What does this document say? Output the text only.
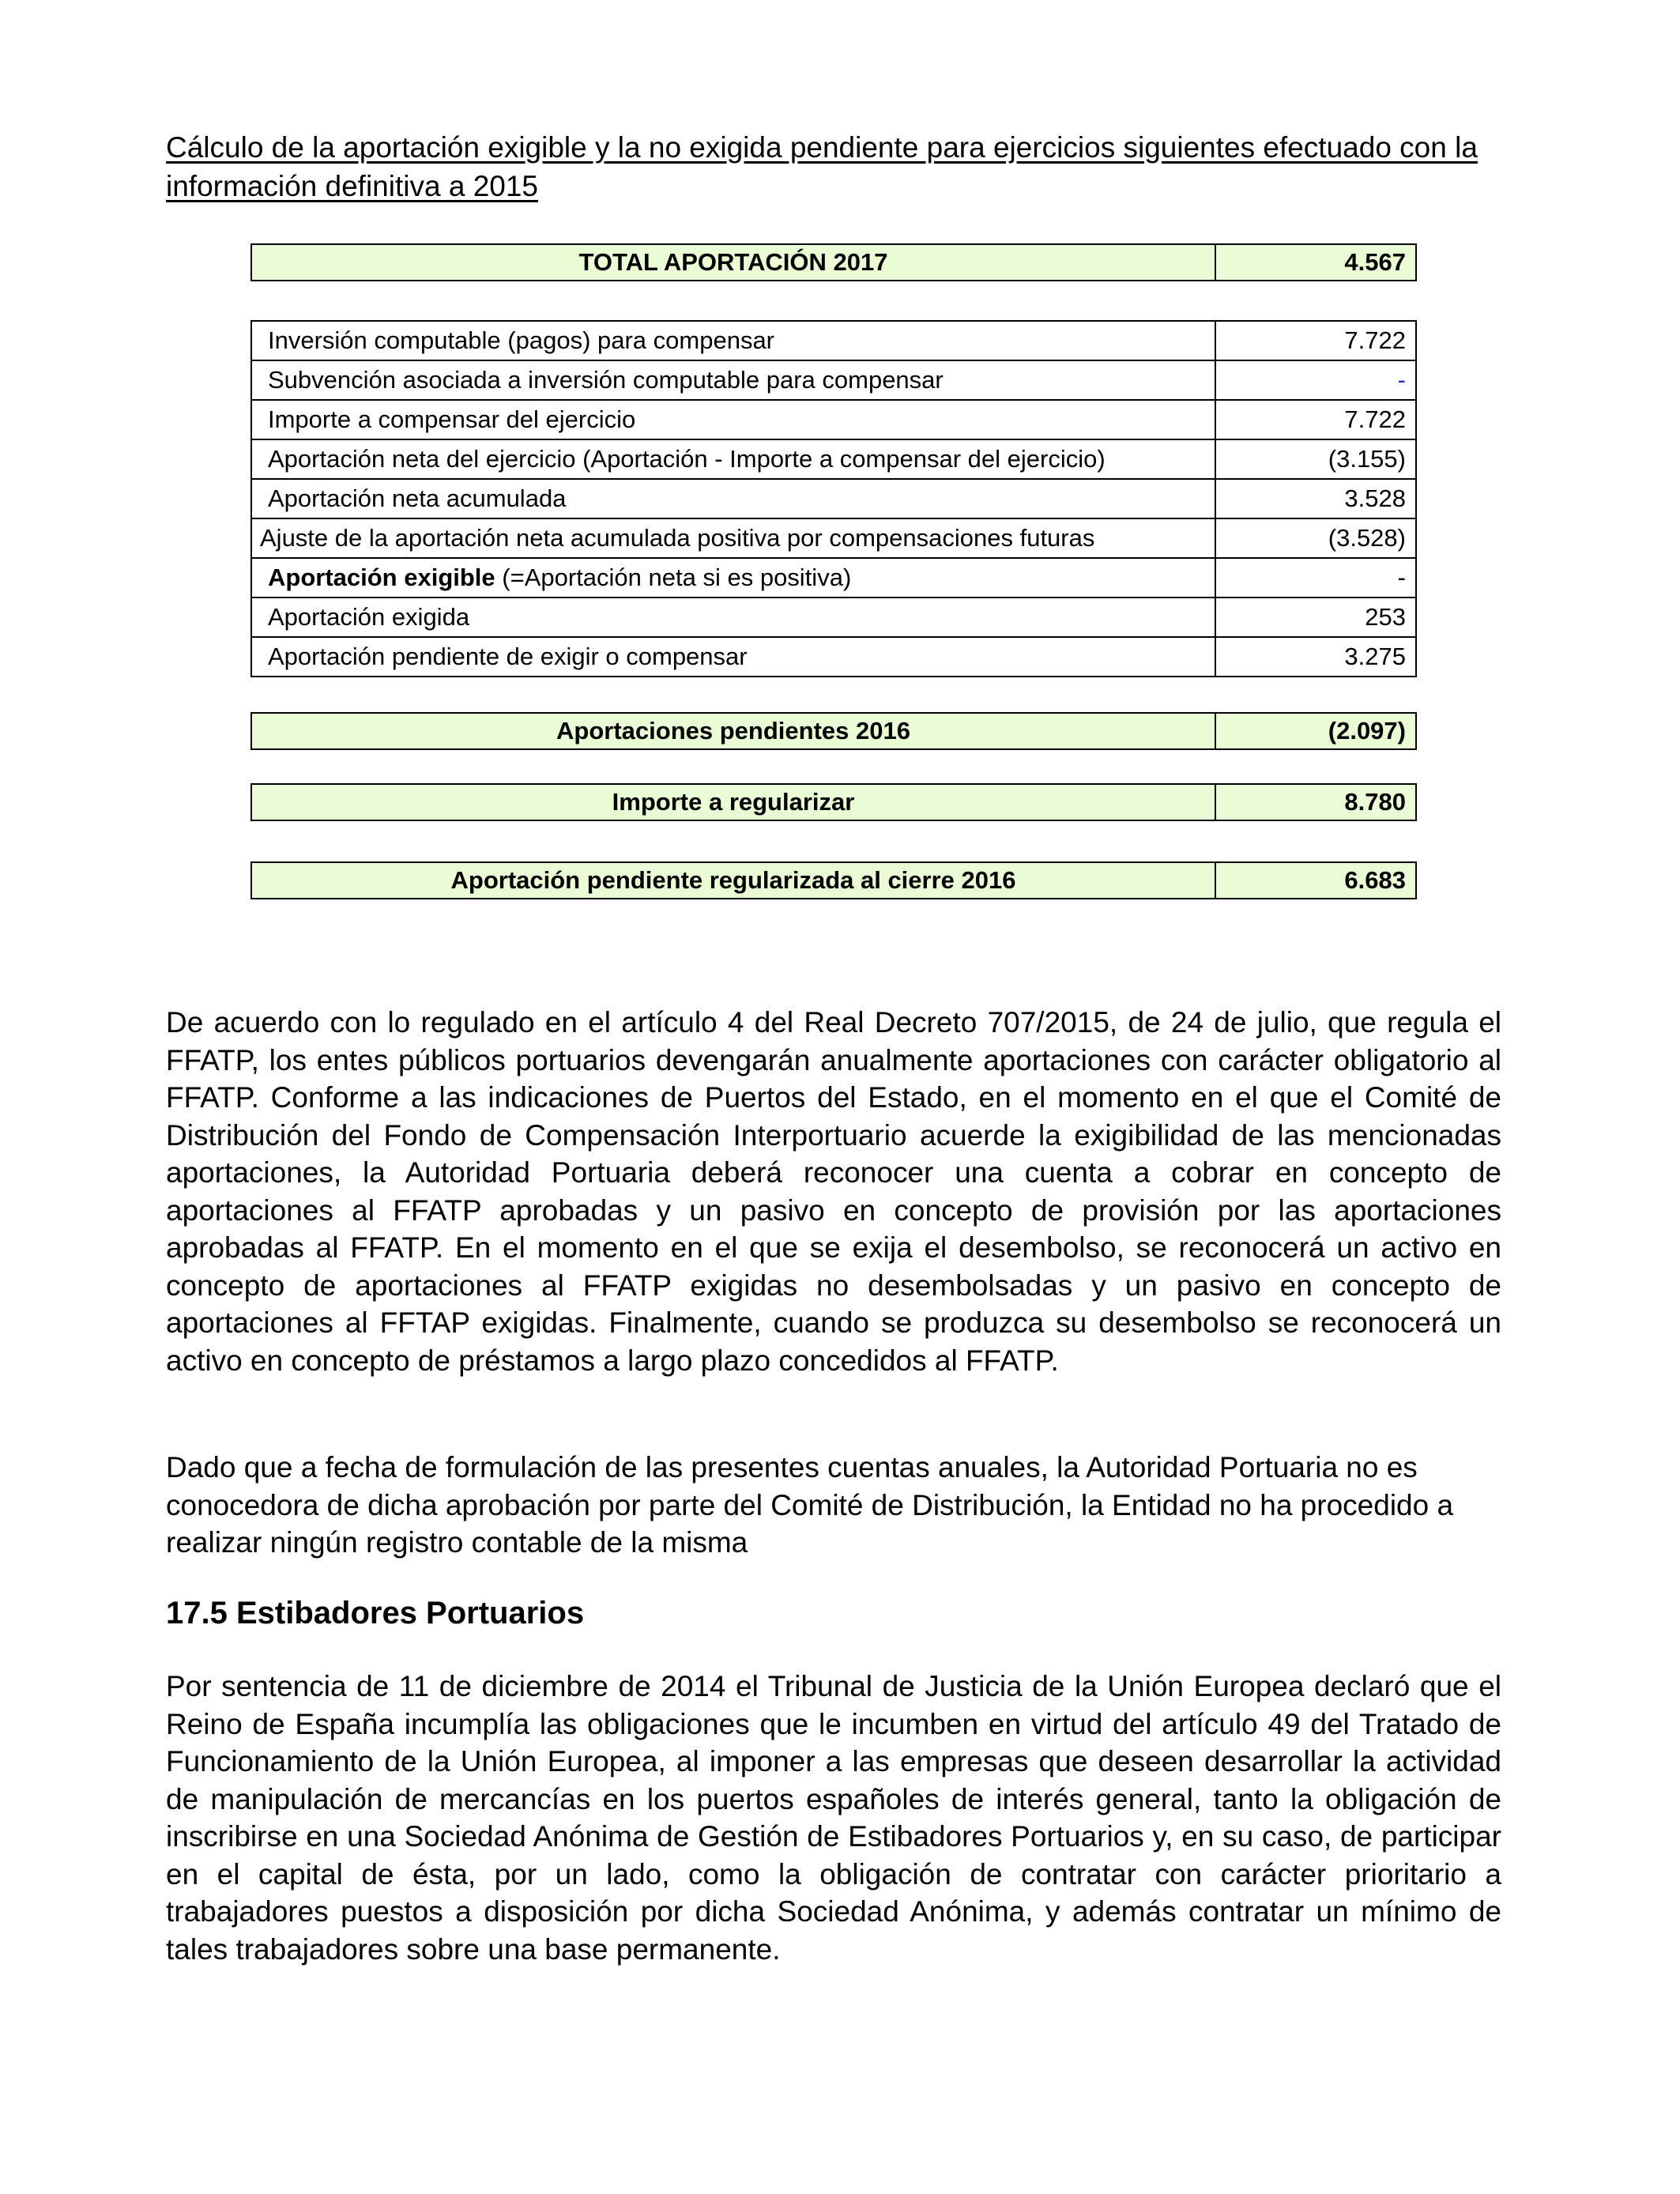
Cálculo de la aportación exigible y la no exigida pendiente para ejercicios siguientes efectuado con la información definitiva a 2015
TOTAL APORTACIÓN 2017	4.567
Inversión computable (pagos) para compensar	7.722
Subvención asociada a inversión computable para compensar	-
Importe a compensar del ejercicio	7.722
Aportación neta del ejercicio (Aportación - Importe a compensar del ejercicio)	(3.155)
Aportación neta acumulada	3.528
Ajuste de la aportación neta acumulada positiva por compensaciones futuras	(3.528)
Aportación exigible (=Aportación neta si es positiva)	-
Aportación exigida	253
Aportación pendiente de exigir o compensar	3.275
Aportaciones pendientes 2016	(2.097)
Importe a regularizar	8.780
Aportación pendiente regularizada al cierre 2016	6.683
De acuerdo con lo regulado en el artículo 4 del Real Decreto 707/2015, de 24 de julio, que regula el FFATP, los entes públicos portuarios devengarán anualmente aportaciones con carácter obligatorio al FFATP. Conforme a las indicaciones de Puertos del Estado, en el momento en el que el Comité de Distribución del Fondo de Compensación Interportuario acuerde la exigibilidad de las mencionadas aportaciones, la Autoridad Portuaria deberá reconocer una cuenta a cobrar en concepto de aportaciones al FFATP aprobadas y un pasivo en concepto de provisión por las aportaciones aprobadas al FFATP. En el momento en el que se exija el desembolso, se reconocerá un activo en concepto de aportaciones al FFATP exigidas no desembolsadas y un pasivo en concepto de aportaciones al FFTAP exigidas. Finalmente, cuando se produzca su desembolso se reconocerá un activo en concepto de préstamos a largo plazo concedidos al FFATP.
Dado que a fecha de formulación de las presentes cuentas anuales, la Autoridad Portuaria no es conocedora de dicha aprobación por parte del Comité de Distribución, la Entidad no ha procedido a realizar ningún registro contable de la misma
17.5 Estibadores Portuarios
Por sentencia de 11 de diciembre de 2014 el Tribunal de Justicia de la Unión Europea declaró que el Reino de España incumplía las obligaciones que le incumben en virtud del artículo 49 del Tratado de Funcionamiento de la Unión Europea, al imponer a las empresas que deseen desarrollar la actividad de manipulación de mercancías en los puertos españoles de interés general, tanto la obligación de inscribirse en una Sociedad Anónima de Gestión de Estibadores Portuarios y, en su caso, de participar en el capital de ésta, por un lado, como la obligación de contratar con carácter prioritario a trabajadores puestos a disposición por dicha Sociedad Anónima, y además contratar un mínimo de tales trabajadores sobre una base permanente.
